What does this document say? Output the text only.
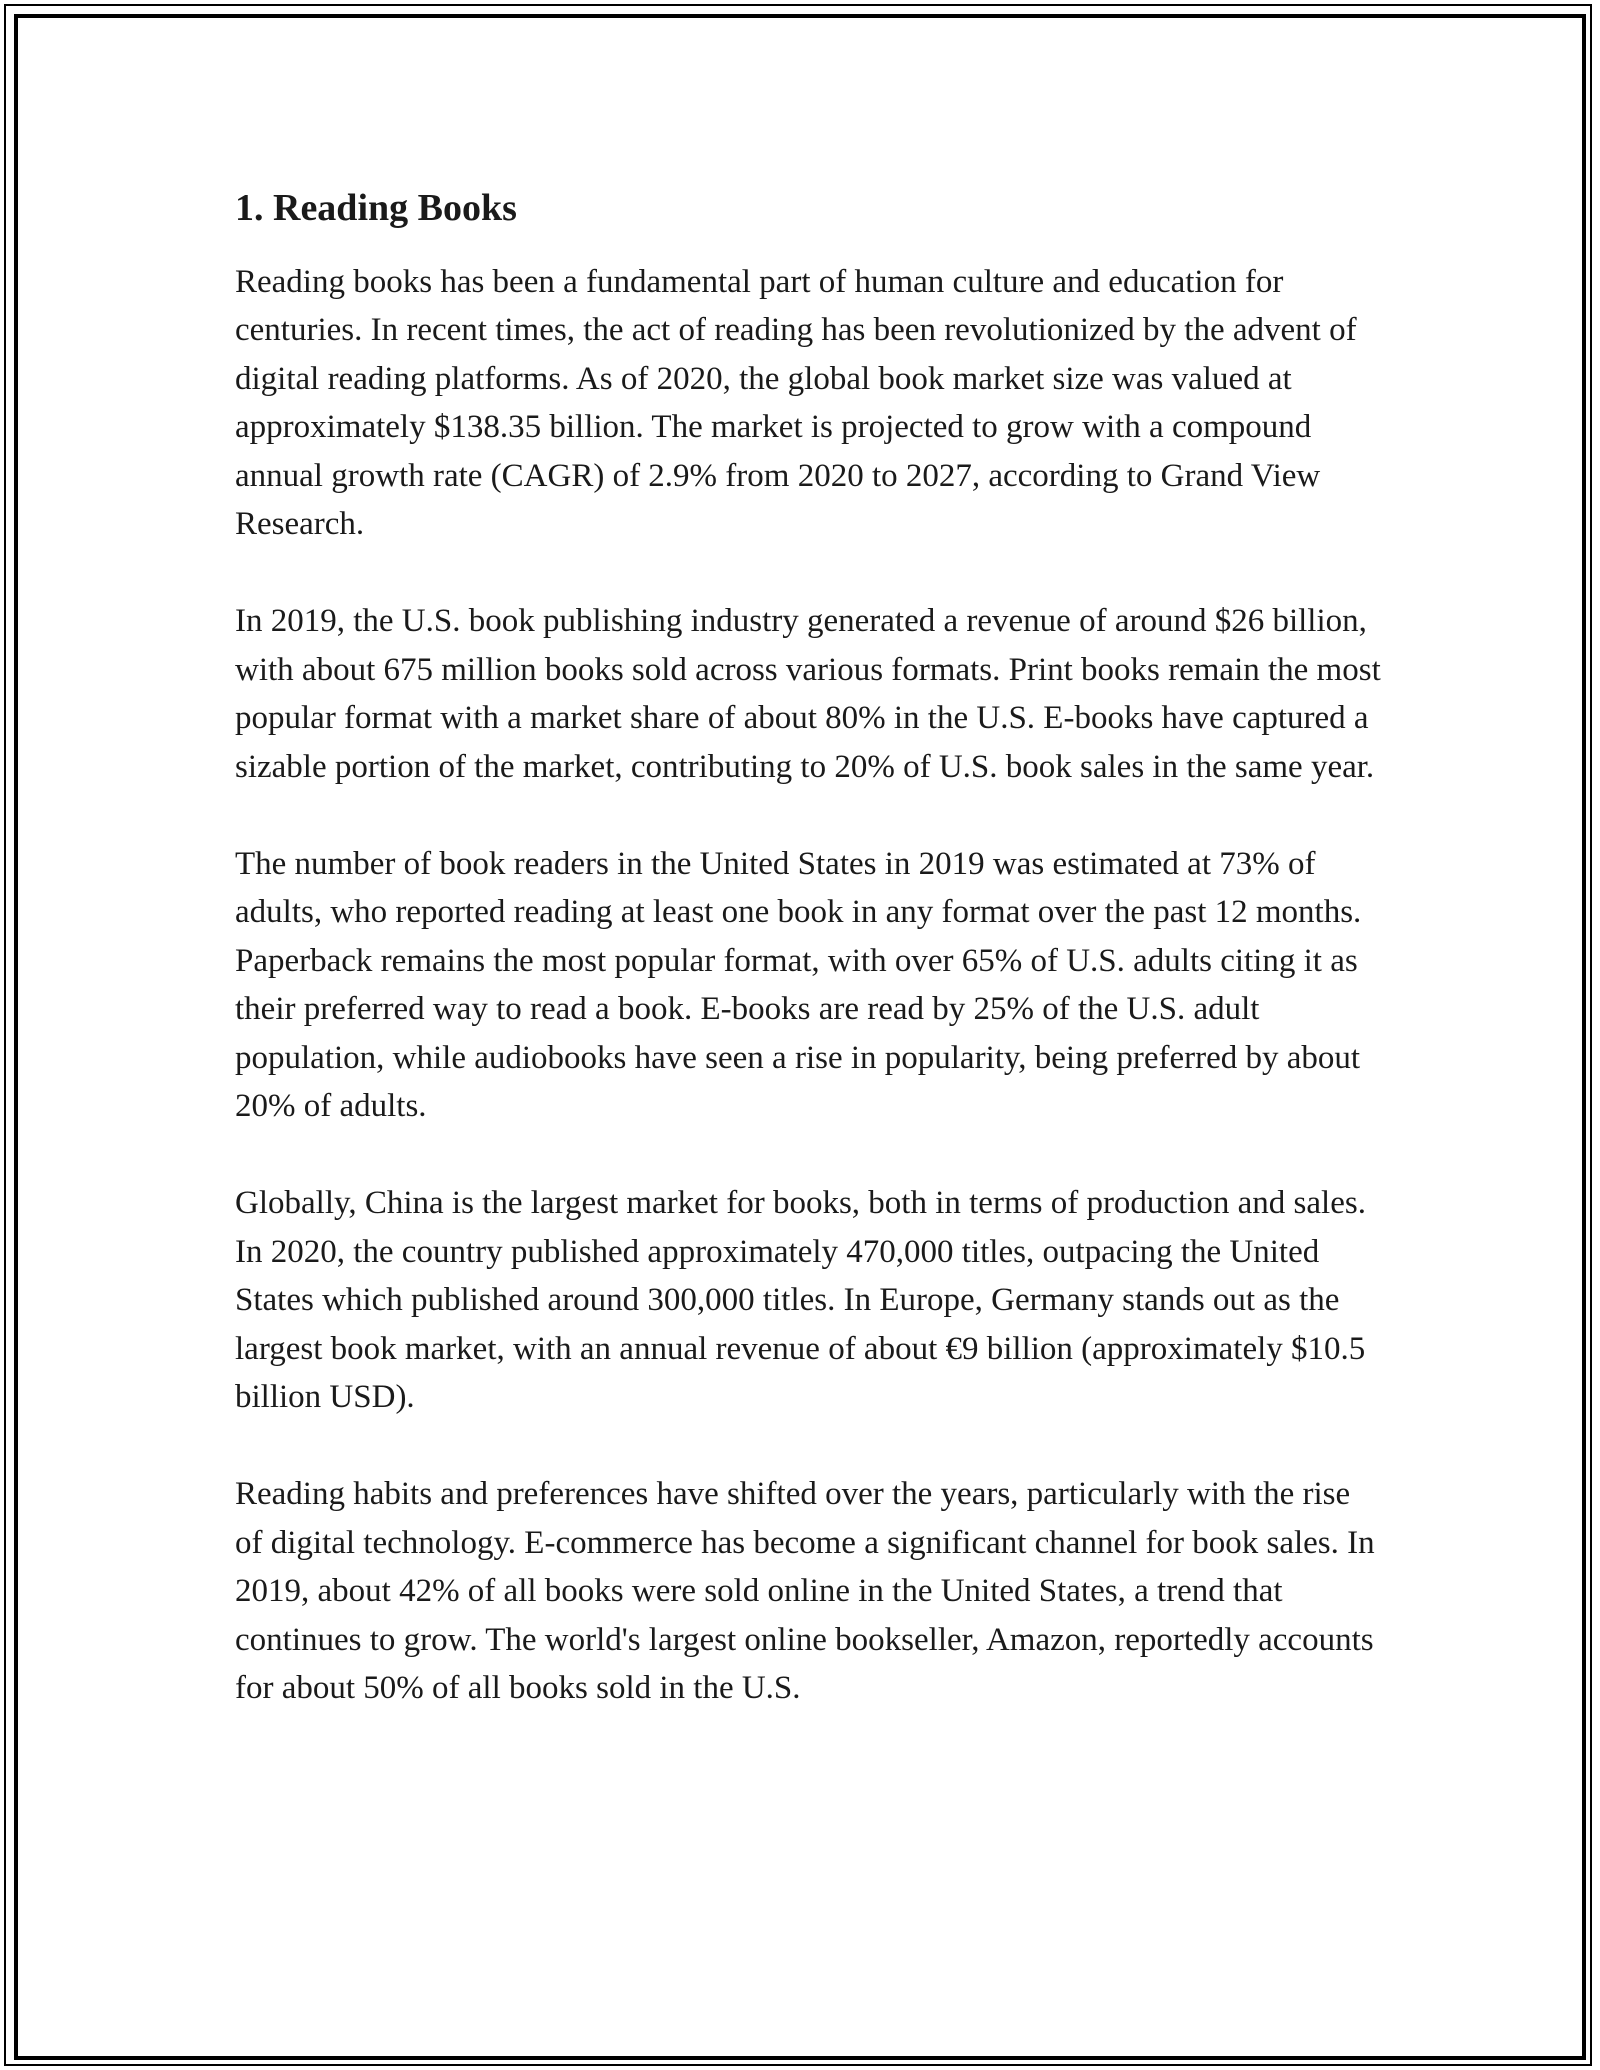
1. Reading Books

Reading books has been a fundamental part of human culture and education for centuries. In recent times, the act of reading has been revolutionized by the advent of digital reading platforms. As of 2020, the global book market size was valued at approximately $138.35 billion. The market is projected to grow with a compound annual growth rate (CAGR) of 2.9% from 2020 to 2027, according to Grand View Research.

In 2019, the U.S. book publishing industry generated a revenue of around $26 billion, with about 675 million books sold across various formats. Print books remain the most popular format with a market share of about 80% in the U.S. E-books have captured a sizable portion of the market, contributing to 20% of U.S. book sales in the same year.

The number of book readers in the United States in 2019 was estimated at 73% of adults, who reported reading at least one book in any format over the past 12 months. Paperback remains the most popular format, with over 65% of U.S. adults citing it as their preferred way to read a book. E-books are read by 25% of the U.S. adult population, while audiobooks have seen a rise in popularity, being preferred by about 20% of adults.

Globally, China is the largest market for books, both in terms of production and sales. In 2020, the country published approximately 470,000 titles, outpacing the United States which published around 300,000 titles. In Europe, Germany stands out as the largest book market, with an annual revenue of about €9 billion (approximately $10.5 billion USD).

Reading habits and preferences have shifted over the years, particularly with the rise of digital technology. E-commerce has become a significant channel for book sales. In 2019, about 42% of all books were sold online in the United States, a trend that continues to grow. The world's largest online bookseller, Amazon, reportedly accounts for about 50% of all books sold in the U.S.
